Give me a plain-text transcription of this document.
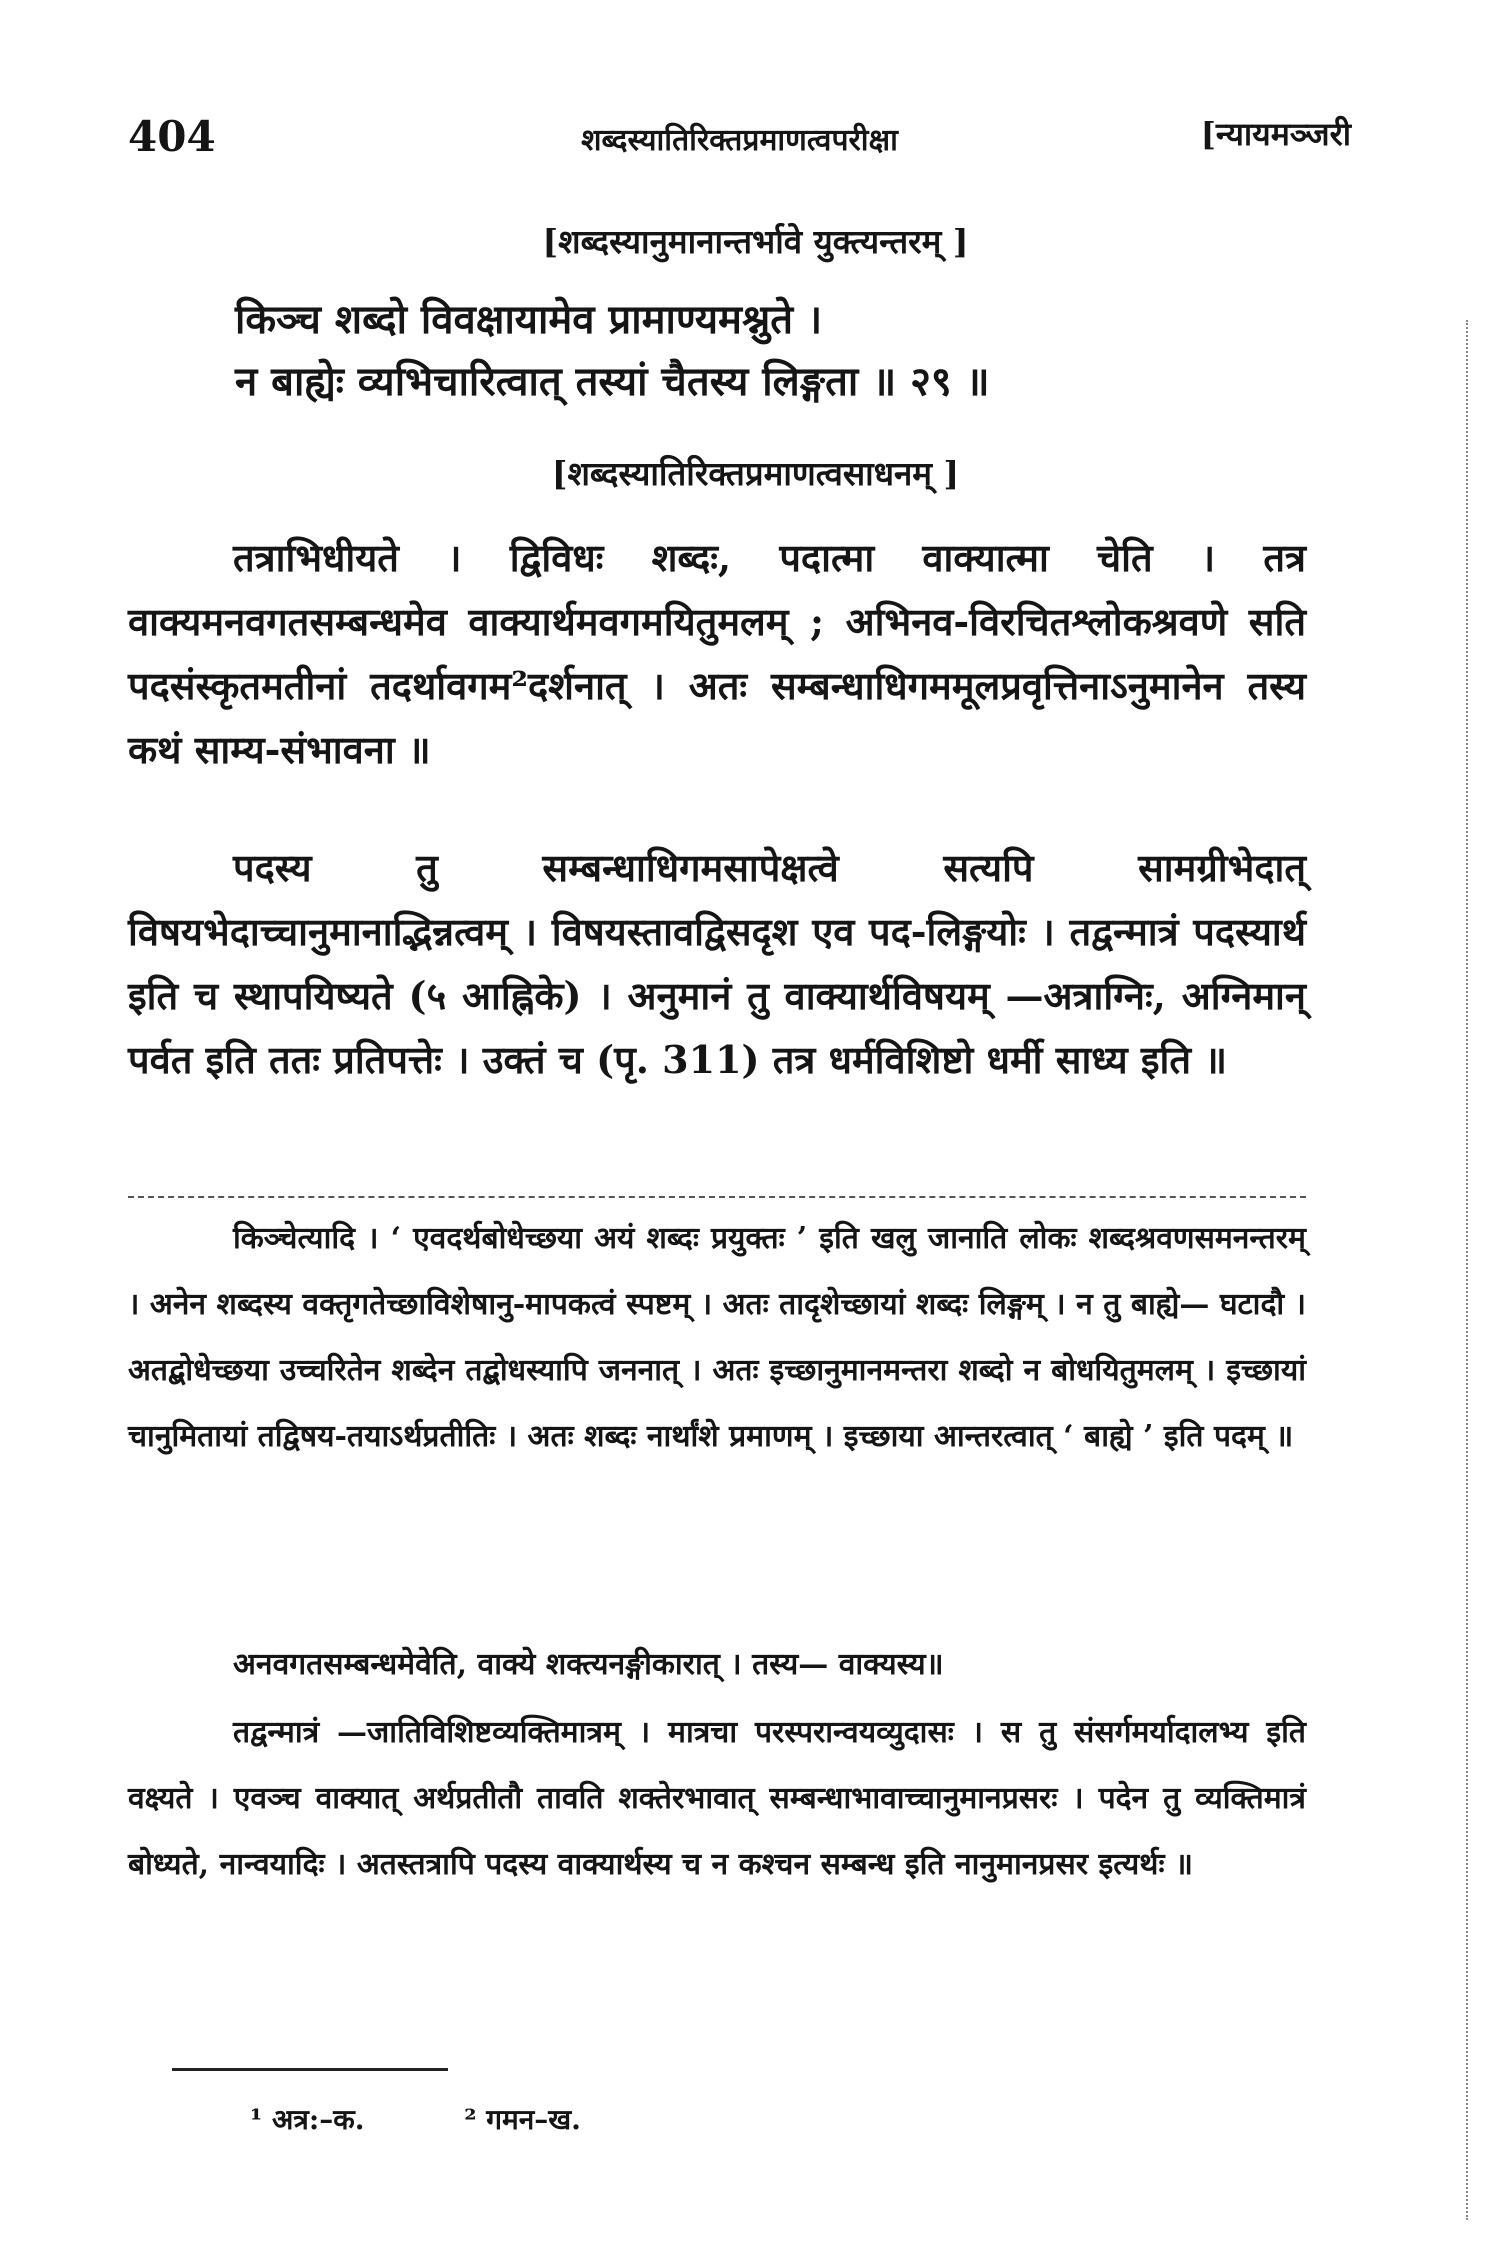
404	शब्दस्यातिरिक्तप्रमाणत्वपरीक्षा	[न्यायमञ्जरी
[शब्दस्यानुमानान्तर्भावे युक्त्यन्तरम् ]
किञ्च शब्दो विवक्षायामेव प्रामाण्यमश्नुते ।
न बाह्येः व्यभिचारित्वात् तस्यां चैतस्य लिङ्गता ॥ २९ ॥
[शब्दस्यातिरिक्तप्रमाणत्वसाधनम् ]
तत्राभिधीयते । द्विविधः शब्दः, पदात्मा वाक्यात्मा चेति । तत्र वाक्यमनवगतसम्बन्धमेव वाक्यार्थमवगमयितुमलम् ; अभिनव-विरचितश्लोकश्रवणे सति पदसंस्कृतमतीनां तदर्थावगम²दर्शनात् । अतः सम्बन्धाधिगममूलप्रवृत्तिनाऽनुमानेन तस्य कथं साम्य-संभावना ॥
पदस्य तु सम्बन्धाधिगमसापेक्षत्वे सत्यपि सामग्रीभेदात् विषयभेदाच्चानुमानाद्भिन्नत्वम् । विषयस्तावद्विसदृश एव पद-लिङ्गयोः । तद्वन्मात्रं पदस्यार्थ इति च स्थापयिष्यते (५ आह्निके) । अनुमानं तु वाक्यार्थविषयम् —अत्राग्निः, अग्निमान् पर्वत इति ततः प्रतिपत्तेः । उक्तं च (पृ. 311) तत्र धर्मविशिष्टो धर्मी साध्य इति ॥
किञ्चेत्यादि । ‘ एवदर्थबोधेच्छया अयं शब्दः प्रयुक्तः ’ इति खलु जानाति लोकः शब्दश्रवणसमनन्तरम् । अनेन शब्दस्य वक्तृगतेच्छाविशेषानु-मापकत्वं स्पष्टम् । अतः तादृशेच्छायां शब्दः लिङ्गम् । न तु बाह्ये— घटादौ । अतद्बोधेच्छया उच्चरितेन शब्देन तद्बोधस्यापि जननात् । अतः इच्छानुमानमन्तरा शब्दो न बोधयितुमलम् । इच्छायां चानुमितायां तद्विषय-तयाऽर्थप्रतीतिः । अतः शब्दः नार्थांशे प्रमाणम् । इच्छाया आन्तरत्वात् ‘ बाह्ये ’ इति पदम् ॥
अनवगतसम्बन्धमेवेति, वाक्ये शक्त्यनङ्गीकारात् । तस्य— वाक्यस्य॥
तद्वन्मात्रं —जातिविशिष्टव्यक्तिमात्रम् । मात्रचा परस्परान्वयव्युदासः । स तु संसर्गमर्यादालभ्य इति वक्ष्यते । एवञ्च वाक्यात् अर्थप्रतीतौ तावति शक्तेरभावात् सम्बन्धाभावाच्चानुमानप्रसरः । पदेन तु व्यक्तिमात्रं बोध्यते, नान्वयादिः । अतस्तत्रापि पदस्य वाक्यार्थस्य च न कश्चन सम्बन्ध इति नानुमानप्रसर इत्यर्थः ॥
¹ अत्र:–क.	² गमन–ख.
